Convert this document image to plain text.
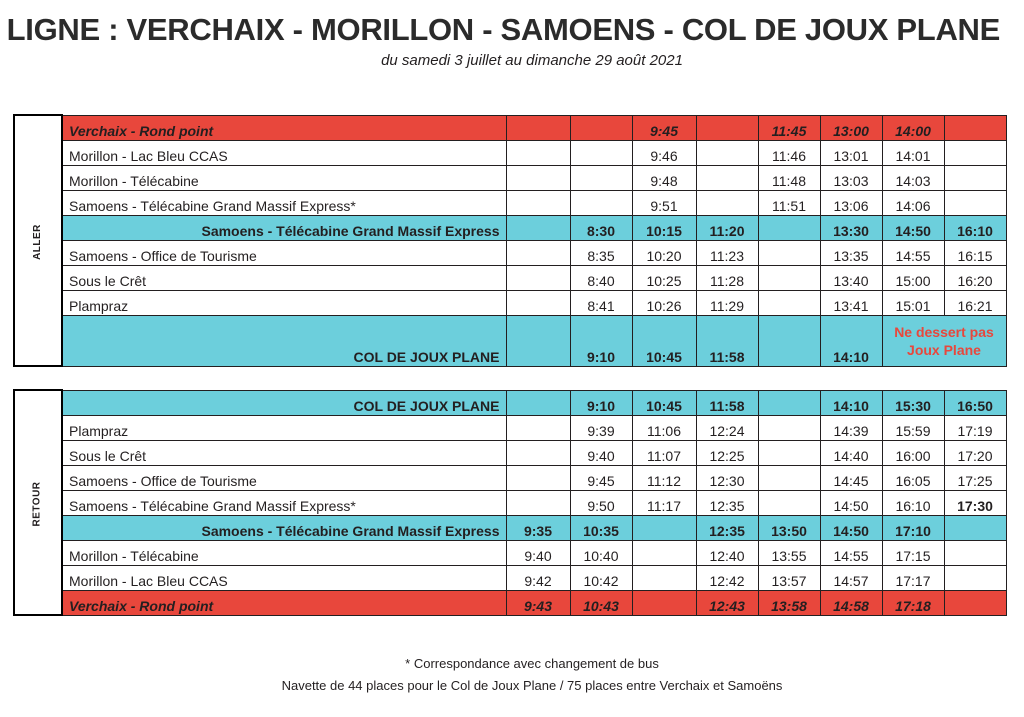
LIGNE : VERCHAIX - MORILLON - SAMOENS - COL DE JOUX PLANE
du samedi 3 juillet au dimanche 29 août 2021
ALLER	Verchaix - Rond point			9:45		11:45	13:00	14:00	
	Morillon - Lac Bleu CCAS			9:46		11:46	13:01	14:01	
	Morillon - Télécabine			9:48		11:48	13:03	14:03	
	Samoens - Télécabine Grand Massif Express*			9:51		11:51	13:06	14:06	
	Samoens - Télécabine Grand Massif Express		8:30	10:15	11:20		13:30	14:50	16:10
	Samoens - Office de Tourisme		8:35	10:20	11:23		13:35	14:55	16:15
	Sous le Crêt		8:40	10:25	11:28		13:40	15:00	16:20
	Plampraz		8:41	10:26	11:29		13:41	15:01	16:21
	COL DE JOUX PLANE		9:10	10:45	11:58		14:10	Ne dessert pas Joux Plane	

RETOUR	COL DE JOUX PLANE		9:10	10:45	11:58		14:10	15:30	16:50
	Plampraz		9:39	11:06	12:24		14:39	15:59	17:19
	Sous le Crêt		9:40	11:07	12:25		14:40	16:00	17:20
	Samoens - Office de Tourisme		9:45	11:12	12:30		14:45	16:05	17:25
	Samoens - Télécabine Grand Massif Express*		9:50	11:17	12:35		14:50	16:10	17:30
	Samoens - Télécabine Grand Massif Express	9:35	10:35		12:35	13:50	14:50	17:10	
	Morillon - Télécabine	9:40	10:40		12:40	13:55	14:55	17:15	
	Morillon - Lac Bleu CCAS	9:42	10:42		12:42	13:57	14:57	17:17	
	Verchaix - Rond point	9:43	10:43		12:43	13:58	14:58	17:18	
* Correspondance avec changement de bus
Navette de 44 places pour le Col de Joux Plane / 75 places entre Verchaix et Samoëns
